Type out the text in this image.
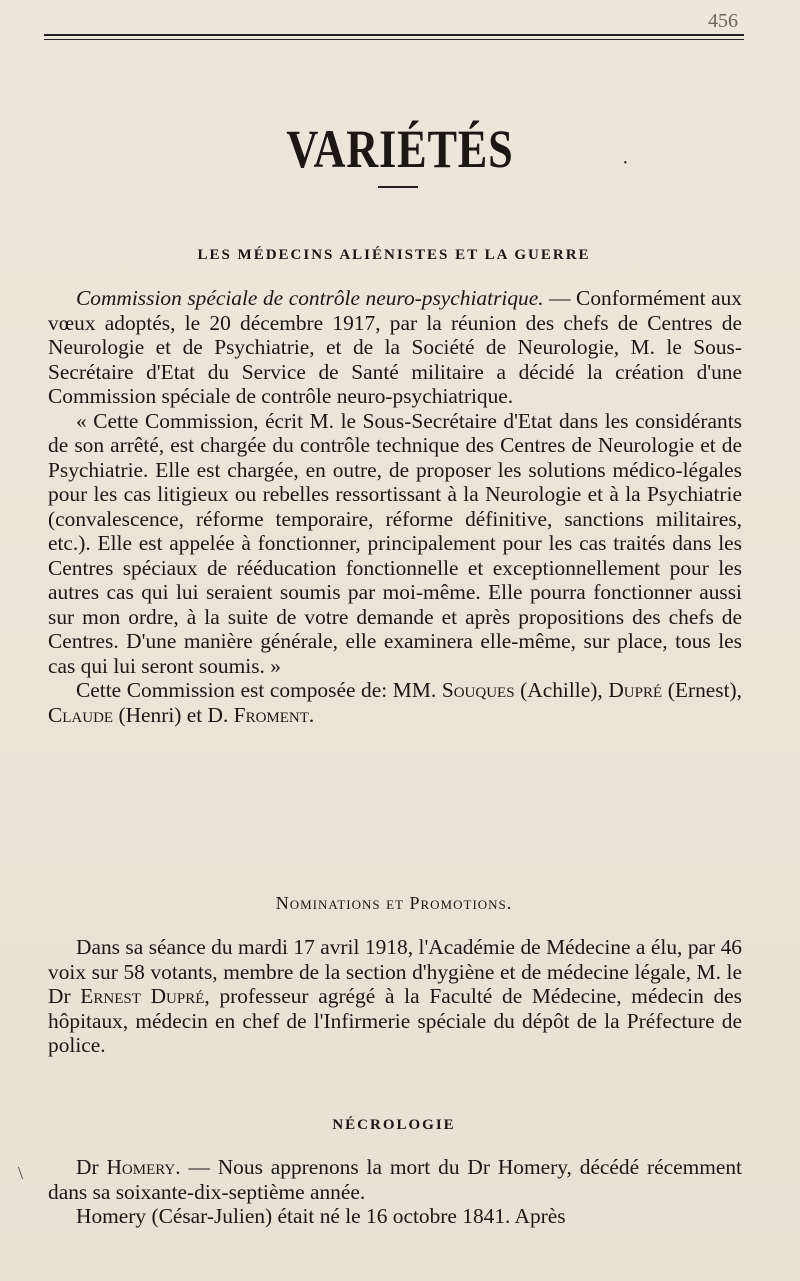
456
VARIÉTÉS	·
LES MÉDECINS ALIÉNISTES ET LA GUERRE

Commission spéciale de contrôle neuro-psychiatrique. — Conformément aux vœux adoptés, le 20 décembre 1917, par la réunion des chefs de Centres de Neurologie et de Psychiatrie, et de la Société de Neurologie, M. le Sous-Secrétaire d'Etat du Service de Santé militaire a décidé la création d'une Commission spéciale de contrôle neuro-psychiatrique.

« Cette Commission, écrit M. le Sous-Secrétaire d'Etat dans les considérants de son arrêté, est chargée du contrôle technique des Centres de Neurologie et de Psychiatrie. Elle est chargée, en outre, de proposer les solutions médico-légales pour les cas litigieux ou rebelles ressortissant à la Neurologie et à la Psychiatrie (convalescence, réforme temporaire, réforme définitive, sanctions militaires, etc.). Elle est appelée à fonctionner, principalement pour les cas traités dans les Centres spéciaux de rééducation fonctionnelle et exceptionnellement pour les autres cas qui lui seraient soumis par moi-même. Elle pourra fonctionner aussi sur mon ordre, à la suite de votre demande et après propositions des chefs de Centres. D'une manière générale, elle examinera elle-même, sur place, tous les cas qui lui seront soumis. »

Cette Commission est composée de: MM. Souques (Achille), Dupré (Ernest), Claude (Henri) et D. Froment.

Nominations et Promotions.

Dans sa séance du mardi 17 avril 1918, l'Académie de Médecine a élu, par 46 voix sur 58 votants, membre de la section d'hygiène et de médecine légale, M. le Dr Ernest Dupré, professeur agrégé à la Faculté de Médecine, médecin des hôpitaux, médecin en chef de l'Infirmerie spéciale du dépôt de la Préfecture de police.

NÉCROLOGIE

Dr Homery. — Nous apprenons la mort du Dr Homery, décédé récemment dans sa soixante-dix-septième année.

Homery (César-Julien) était né le 16 octobre 1841. Après

\
